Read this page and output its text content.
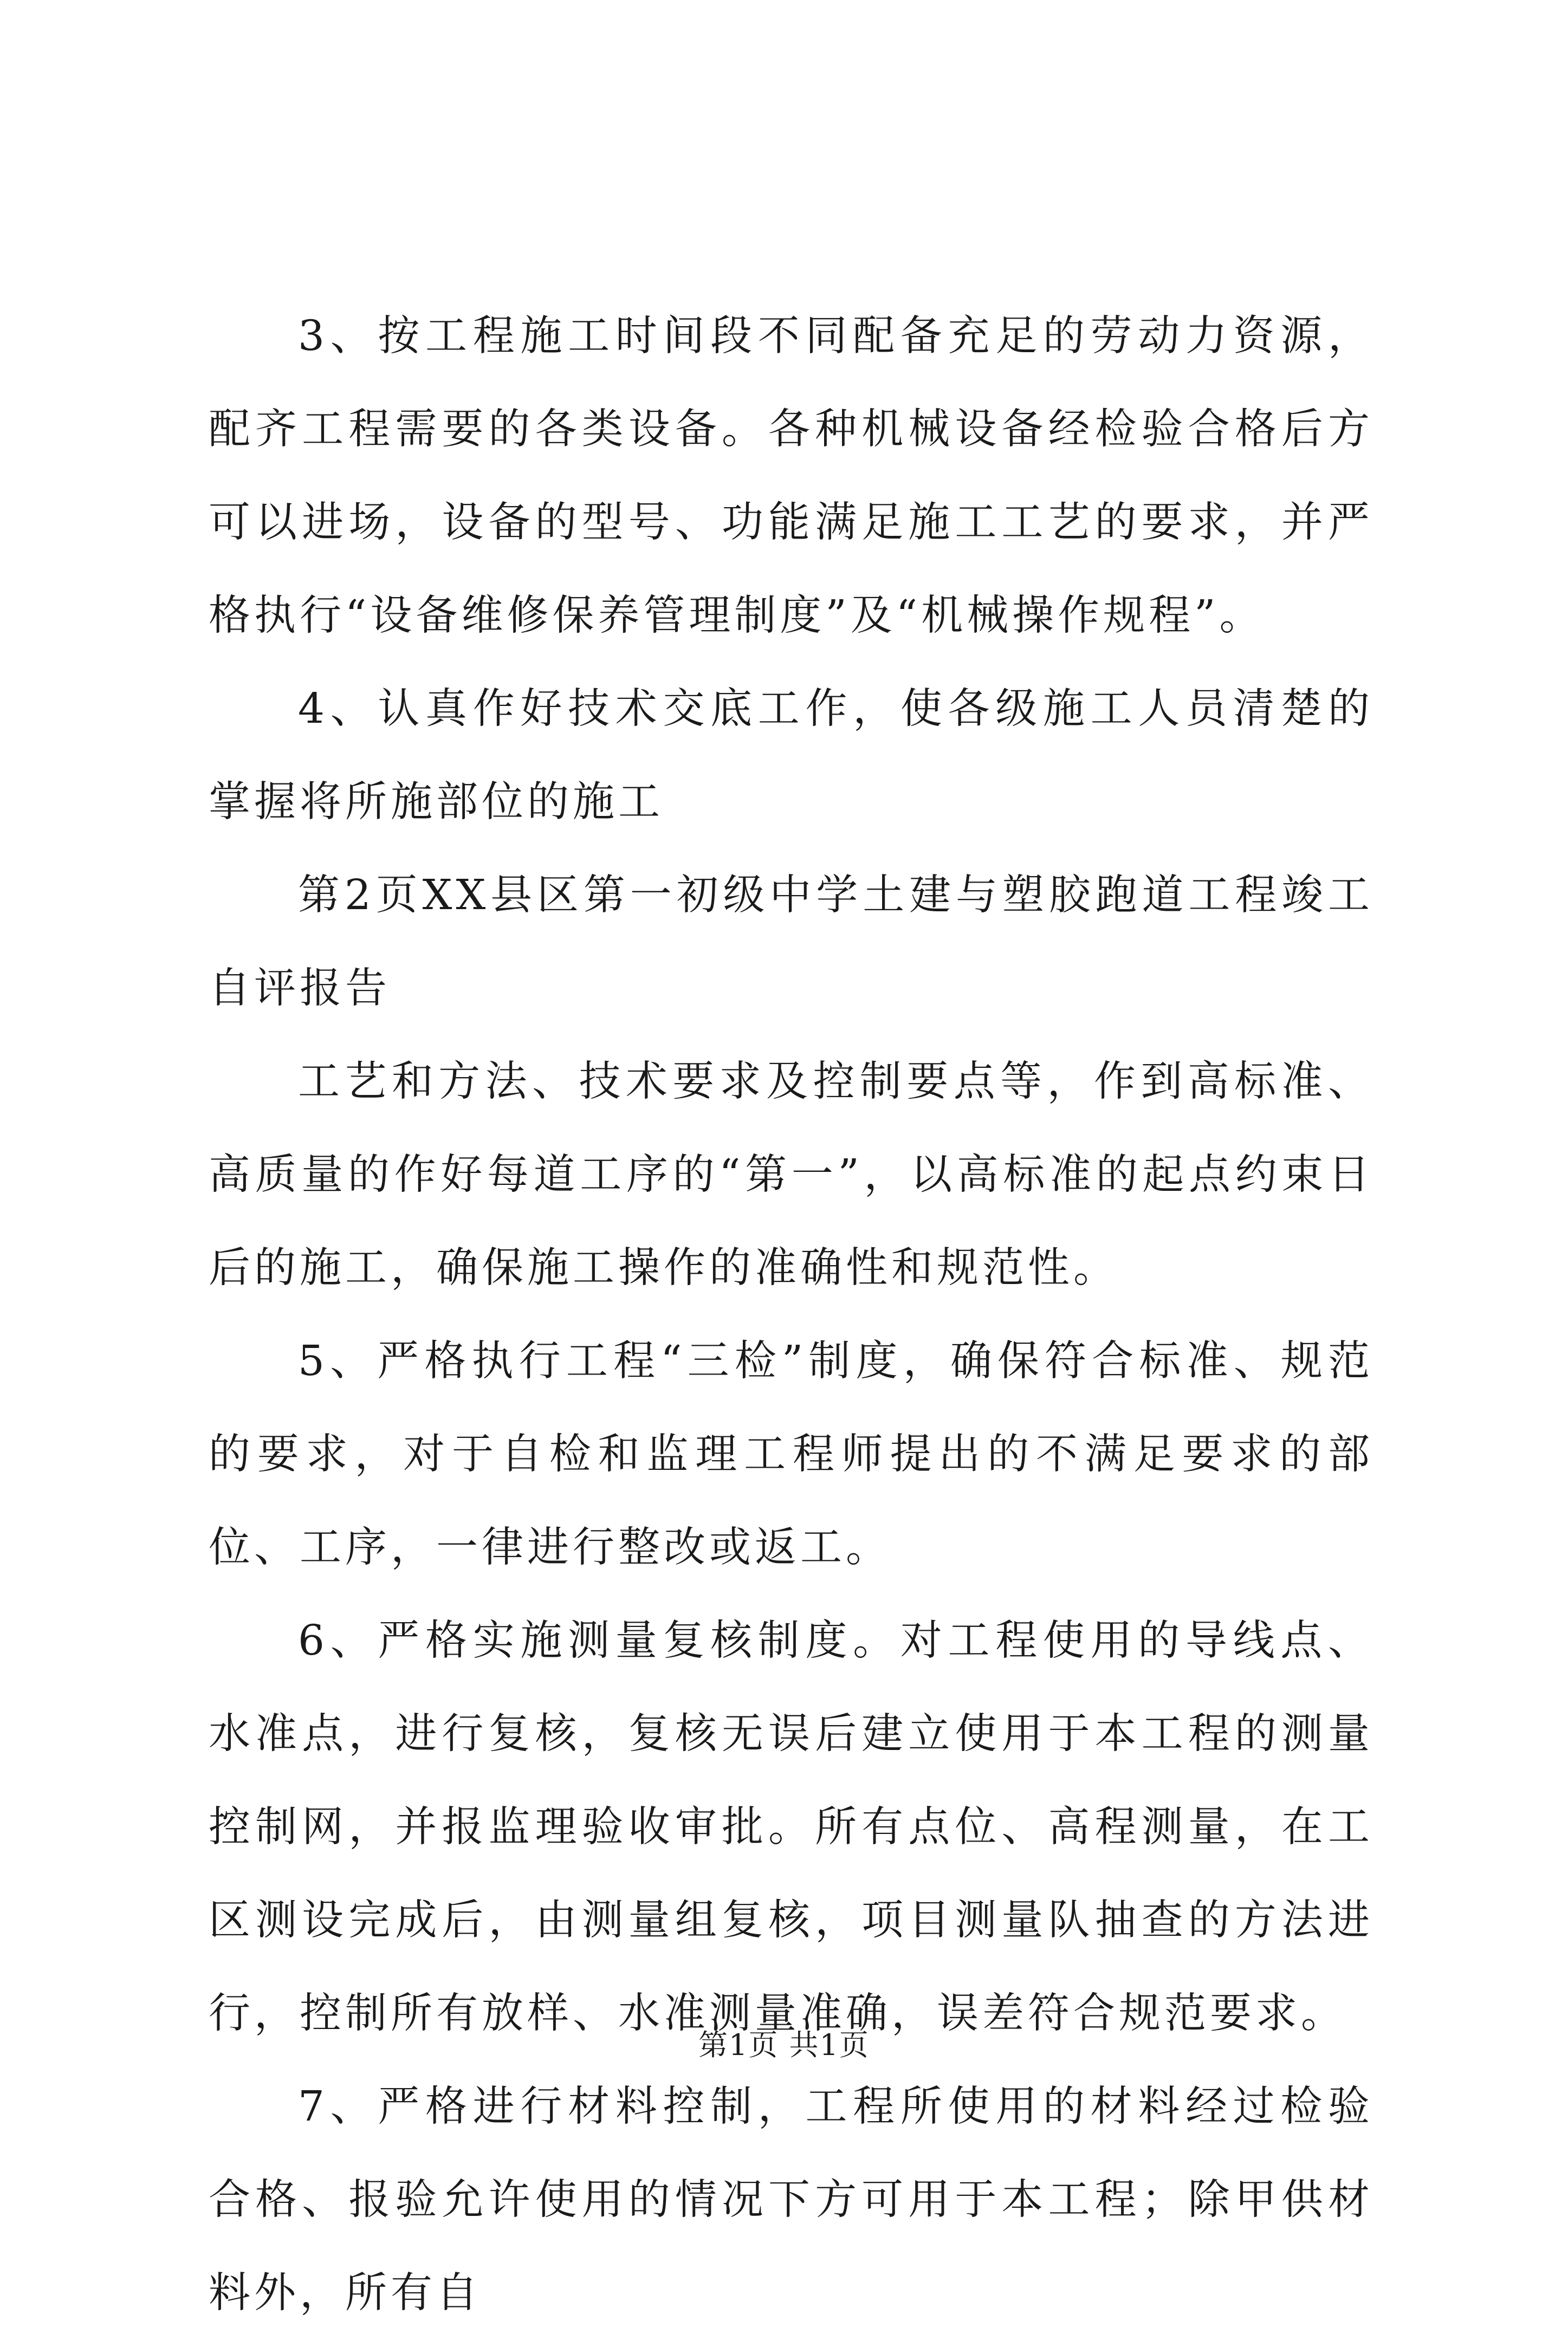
3、按工程施工时间段不同配备充足的劳动力资源，配齐工程需要的各类设备。各种机械设备经检验合格后方可以进场，设备的型号、功能满足施工工艺的要求，并严格执行“设备维修保养管理制度”及“机械操作规程”。

4、认真作好技术交底工作，使各级施工人员清楚的掌握将所施部位的施工

第2页XX县区第一初级中学土建与塑胶跑道工程竣工自评报告

工艺和方法、技术要求及控制要点等，作到高标准、高质量的作好每道工序的“第一”，以高标准的起点约束日后的施工，确保施工操作的准确性和规范性。

5、严格执行工程“三检”制度，确保符合标准、规范的要求，对于自检和监理工程师提出的不满足要求的部位、工序，一律进行整改或返工。

6、严格实施测量复核制度。对工程使用的导线点、水准点，进行复核，复核无误后建立使用于本工程的测量控制网，并报监理验收审批。所有点位、高程测量，在工区测设完成后，由测量组复核，项目测量队抽查的方法进行，控制所有放样、水准测量准确，误差符合规范要求。

7、严格进行材料控制，工程所使用的材料经过检验合格、报验允许使用的情况下方可用于本工程；除甲供材料外，所有自

第1页 共1页
